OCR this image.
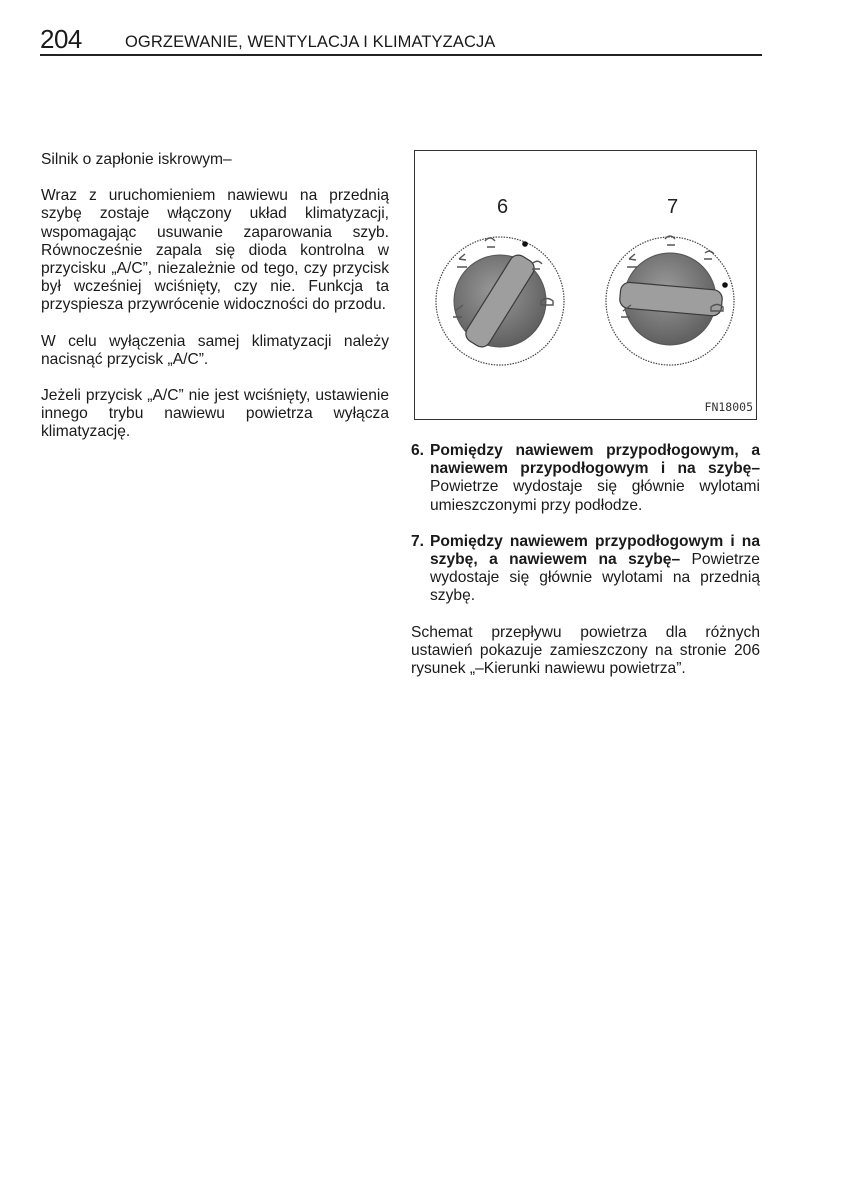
204	OGRZEWANIE, WENTYLACJA I KLIMATYZACJA

Silnik o zapłonie iskrowym–

Wraz z uruchomieniem nawiewu na przednią szybę zostaje włączony układ klimatyzacji, wspomagając usuwanie zaparowania szyb. Równocześnie zapala się dioda kontrolna w przycisku „A/C”, niezależnie od tego, czy przycisk był wcześniej wciśnięty, czy nie. Funkcja ta przyspiesza przywrócenie widoczności do przodu.

W celu wyłączenia samej klimatyzacji należy nacisnąć przycisk „A/C”.

Jeżeli przycisk „A/C” nie jest wciśnięty, ustawienie innego trybu nawiewu powietrza wyłącza klimatyzację.

6	7
FN18005
6. Pomiędzy nawiewem przypodłogowym, a nawiewem przypodłogowym i na szybę– Powietrze wydostaje się głównie wylotami umieszczonymi przy podłodze.
7. Pomiędzy nawiewem przypodłogowym i na szybę, a nawiewem na szybę– Powietrze wydostaje się głównie wylotami na przednią szybę.

Schemat przepływu powietrza dla różnych ustawień pokazuje zamieszczony na stronie 206 rysunek „–Kierunki nawiewu powietrza”.
